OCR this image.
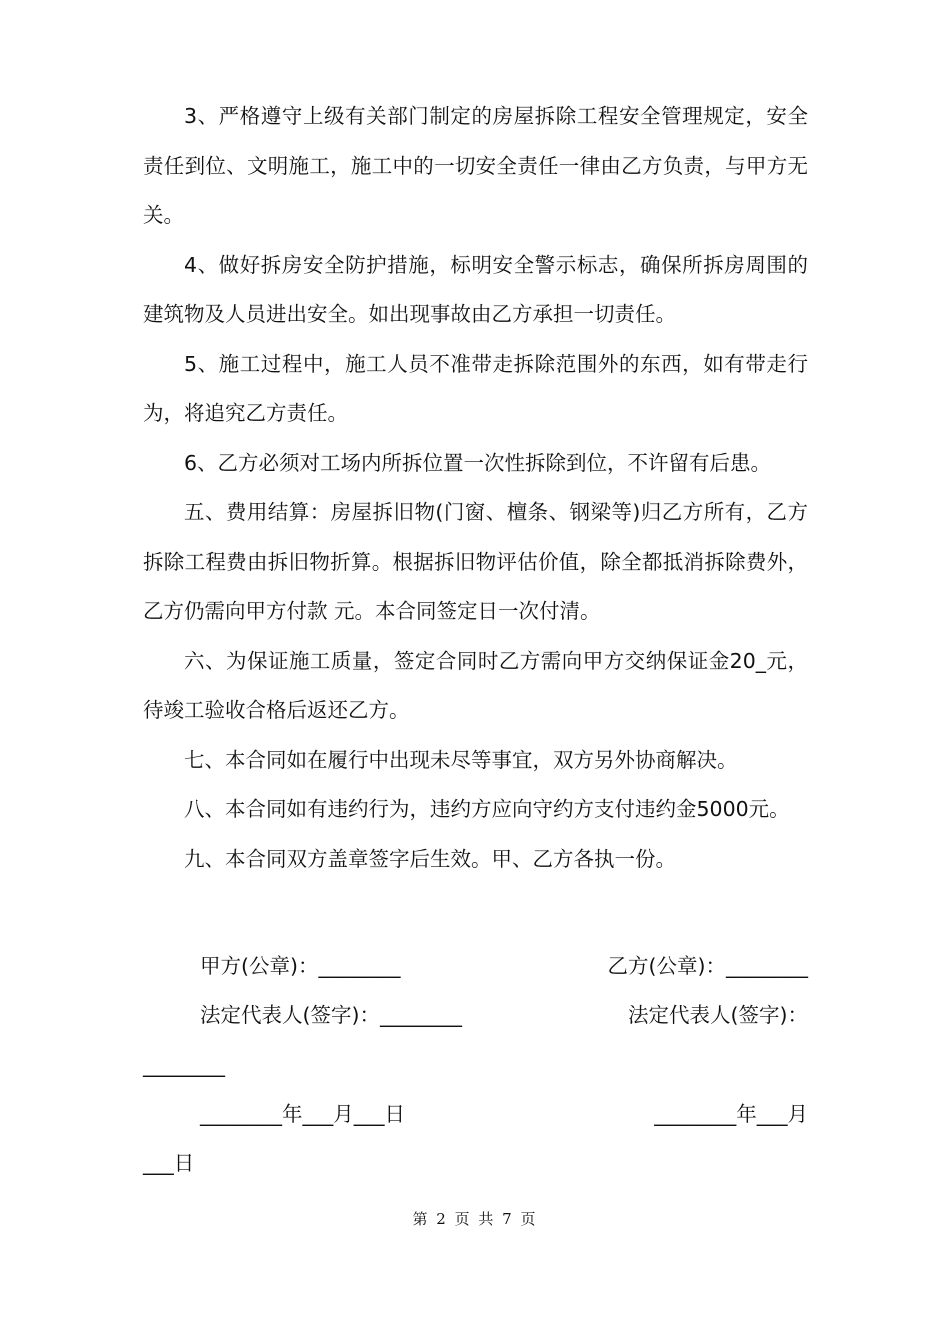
3、严格遵守上级有关部门制定的房屋拆除工程安全管理规定，安全责任到位、文明施工，施工中的一切安全责任一律由乙方负责，与甲方无关。

4、做好拆房安全防护措施，标明安全警示标志，确保所拆房周围的建筑物及人员进出安全。如出现事故由乙方承担一切责任。

5、施工过程中，施工人员不准带走拆除范围外的东西，如有带走行为，将追究乙方责任。

6、乙方必须对工场内所拆位置一次性拆除到位，不许留有后患。

五、费用结算：房屋拆旧物(门窗、檀条、钢梁等)归乙方所有，乙方拆除工程费由拆旧物折算。根据拆旧物评估价值，除全都抵消拆除费外，乙方仍需向甲方付款 元。本合同签定日一次付清。

六、为保证施工质量，签定合同时乙方需向甲方交纳保证金20_元，待竣工验收合格后返还乙方。

七、本合同如在履行中出现未尽等事宜，双方另外协商解决。

八、本合同如有违约行为，违约方应向守约方支付违约金5000元。

九、本合同双方盖章签字后生效。甲、乙方各执一份。

甲方(公章)：________	乙方(公章)：________
法定代表人(签字)：________	法定代表人(签字)：
________
________年___月___日	________年___月
___日
第 2 页 共 7 页
